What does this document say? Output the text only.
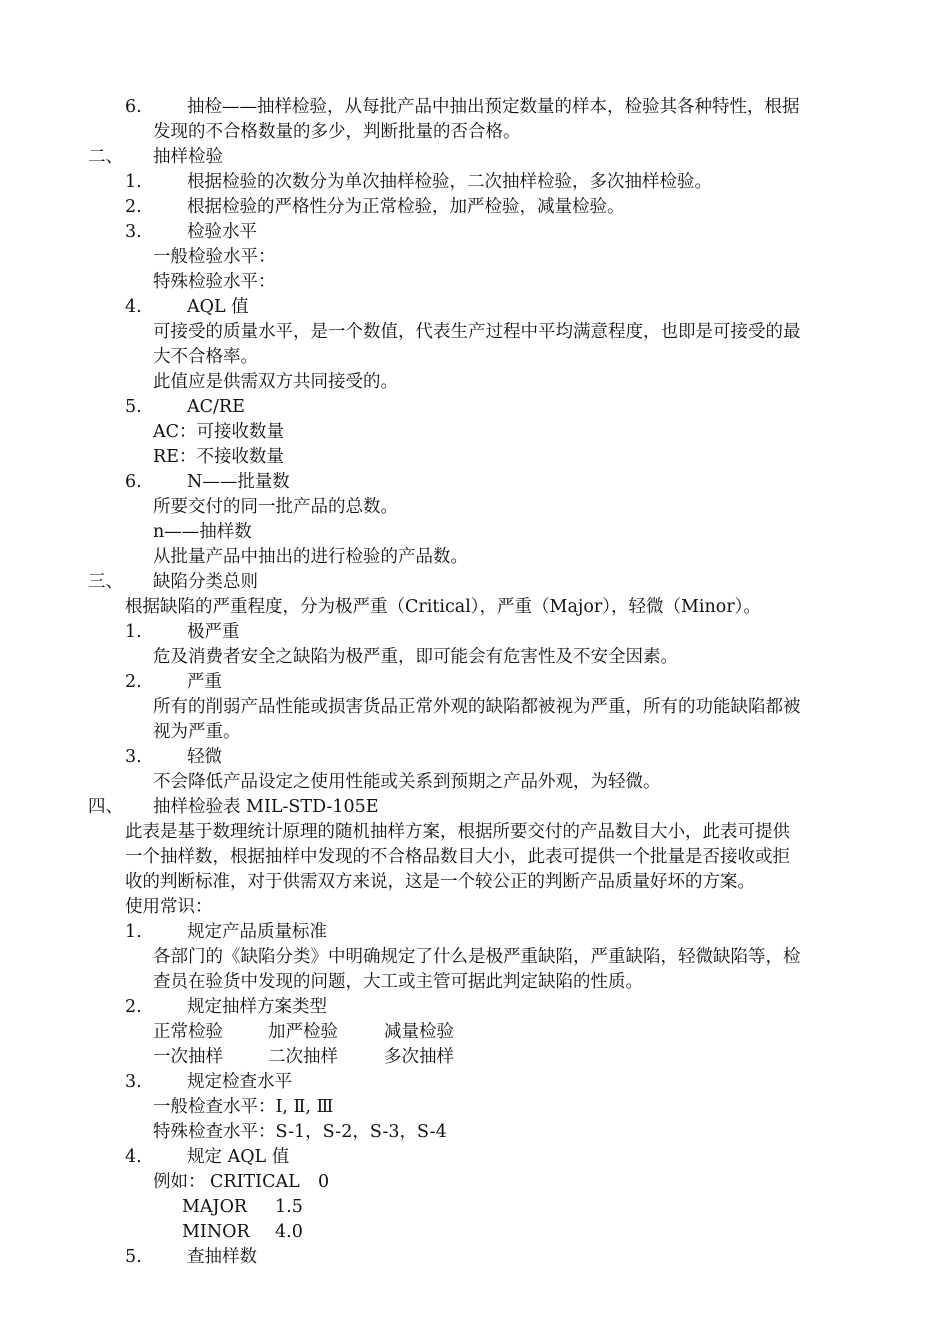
6.	抽检——抽样检验，从每批产品中抽出预定数量的样本，检验其各种特性，根据
发现的不合格数量的多少，判断批量的否合格。
二、 抽样检验
1.	根据检验的次数分为单次抽样检验，二次抽样检验，多次抽样检验。
2.	根据检验的严格性分为正常检验，加严检验，减量检验。
3.	检验水平
一般检验水平：
特殊检验水平：
4.	AQL 值
可接受的质量水平，是一个数值，代表生产过程中平均满意程度，也即是可接受的最
大不合格率。
此值应是供需双方共同接受的。
5.	AC/RE
AC：可接收数量
RE：不接收数量
6.	N——批量数
所要交付的同一批产品的总数。
n——抽样数
从批量产品中抽出的进行检验的产品数。
三、 缺陷分类总则
根据缺陷的严重程度，分为极严重（Critical），严重（Major），轻微（Minor）。
1.	极严重
危及消费者安全之缺陷为极严重，即可能会有危害性及不安全因素。
2.	严重
所有的削弱产品性能或损害货品正常外观的缺陷都被视为严重，所有的功能缺陷都被
视为严重。
3.	轻微
不会降低产品设定之使用性能或关系到预期之产品外观，为轻微。
四、 抽样检验表 MIL-STD-105E
此表是基于数理统计原理的随机抽样方案，根据所要交付的产品数目大小，此表可提供
一个抽样数，根据抽样中发现的不合格品数目大小，此表可提供一个批量是否接收或拒
收的判断标准，对于供需双方来说，这是一个较公正的判断产品质量好坏的方案。
使用常识：
1.	规定产品质量标准
各部门的《缺陷分类》中明确规定了什么是极严重缺陷，严重缺陷，轻微缺陷等，检
查员在验货中发现的问题，大工或主管可据此判定缺陷的性质。
2.	规定抽样方案类型
正常检验	加严检验	减量检验
一次抽样	二次抽样	多次抽样
3.	规定检查水平
一般检查水平：Ⅰ, Ⅱ, Ⅲ
特殊检查水平：S-1，S-2，S-3，S-4
4.	规定 AQL 值
例如： CRITICAL 0
MAJOR 1.5
MINOR 4.0
5.	查抽样数
